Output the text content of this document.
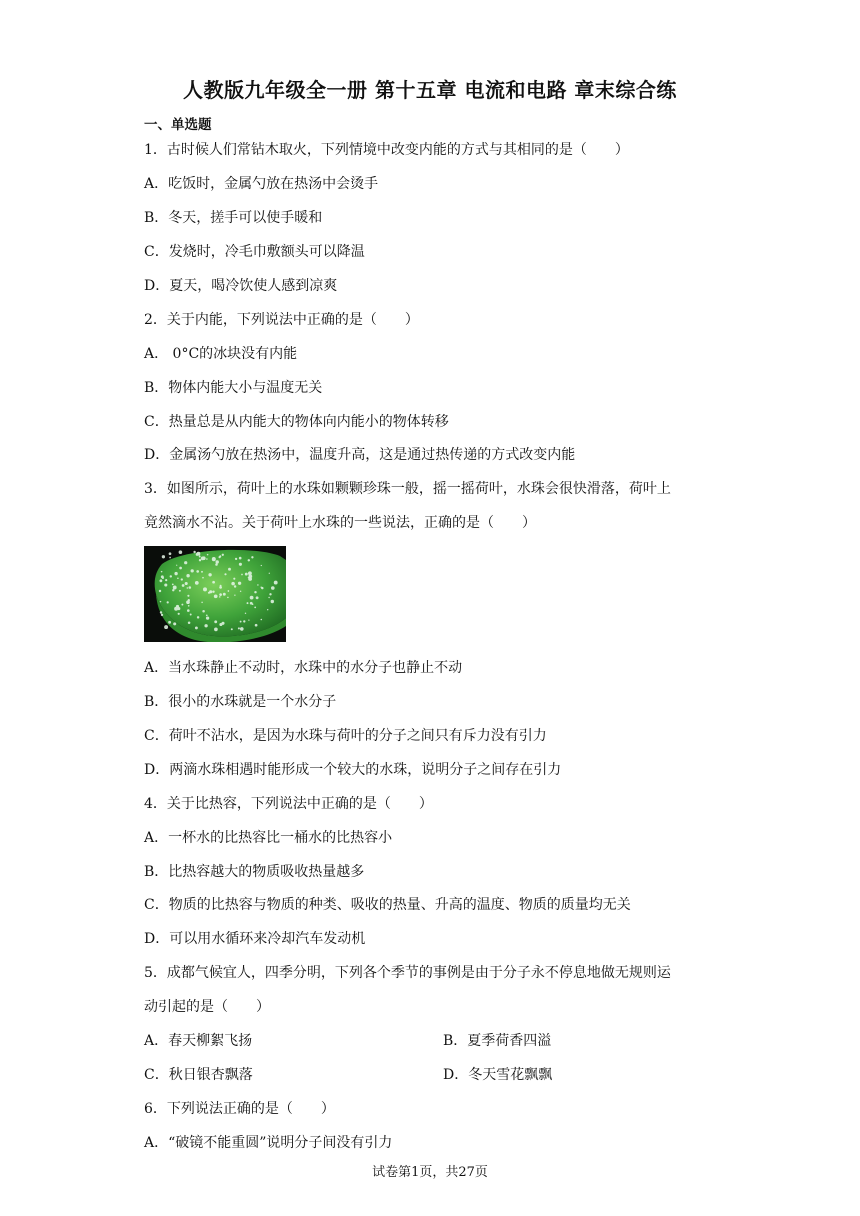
人教版九年级全一册 第十五章 电流和电路 章末综合练
一、单选题
1．古时候人们常钻木取火，下列情境中改变内能的方式与其相同的是（　　）
A．吃饭时，金属勺放在热汤中会烫手
B．冬天，搓手可以使手暖和
C．发烧时，冷毛巾敷额头可以降温
D．夏天，喝冷饮使人感到凉爽
2．关于内能，下列说法中正确的是（　　）
A． 0°C的冰块没有内能
B．物体内能大小与温度无关
C．热量总是从内能大的物体向内能小的物体转移
D．金属汤勺放在热汤中，温度升高，这是通过热传递的方式改变内能
3．如图所示，荷叶上的水珠如颗颗珍珠一般，摇一摇荷叶，水珠会很快滑落，荷叶上
竟然滴水不沾。关于荷叶上水珠的一些说法，正确的是（　　）
A．当水珠静止不动时，水珠中的水分子也静止不动
B．很小的水珠就是一个水分子
C．荷叶不沾水，是因为水珠与荷叶的分子之间只有斥力没有引力
D．两滴水珠相遇时能形成一个较大的水珠，说明分子之间存在引力
4．关于比热容，下列说法中正确的是（　　）
A．一杯水的比热容比一桶水的比热容小
B．比热容越大的物质吸收热量越多
C．物质的比热容与物质的种类、吸收的热量、升高的温度、物质的质量均无关
D．可以用水循环来冷却汽车发动机
5．成都气候宜人，四季分明，下列各个季节的事例是由于分子永不停息地做无规则运
动引起的是（　　）
A．春天柳絮飞扬	B．夏季荷香四溢
C．秋日银杏飘落	D．冬天雪花飘飘
6．下列说法正确的是（　　）
A．“破镜不能重圆”说明分子间没有引力
试卷第1页，共27页
